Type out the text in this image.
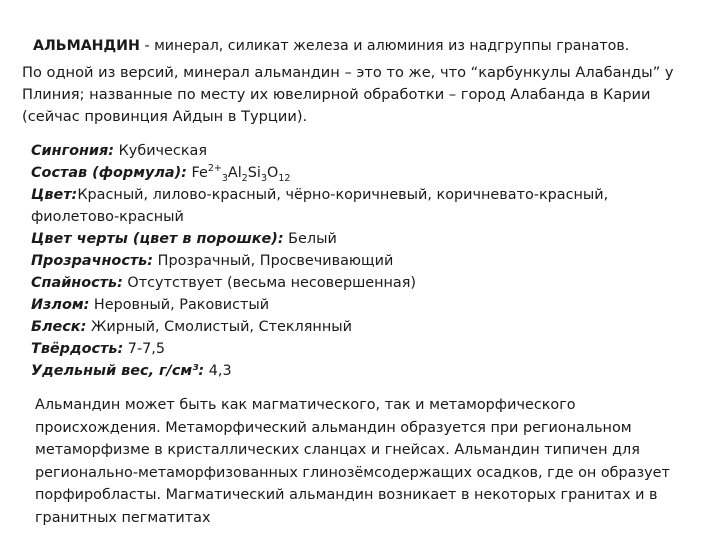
АЛЬМАНДИН - минерал, силикат железа и алюминия из надгруппы гранатов.
По одной из версий, минерал альмандин – это то же, что “карбункулы Алабанды” у
Плиния; названные по месту их ювелирной обработки – город Алабанда в Карии
(сейчас провинция Айдын в Турции).
Сингония: Кубическая
Состав (формула): $Fe^{2+}_3Al_2Si_3O_{12}$
Цвет:Красный, лилово-красный, чёрно-коричневый, коричневато-красный,
фиолетово-красный
Цвет черты (цвет в порошке): Белый
Прозрачность: Прозрачный, Просвечивающий
Спайность: Отсутствует (весьма несовершенная)
Излом: Неровный, Раковистый
Блеск: Жирный, Смолистый, Стеклянный
Твёрдость: 7-7,5
Удельный вес, г/см³: 4,3
Альмандин может быть как магматического, так и метаморфического
происхождения. Метаморфический альмандин образуется при региональном
метаморфизме в кристаллических сланцах и гнейсах. Альмандин типичен для
регионально-метаморфизованных глинозёмсодержащих осадков, где он образует
порфиробласты. Магматический альмандин возникает в некоторых гранитах и в
гранитных пегматитах
